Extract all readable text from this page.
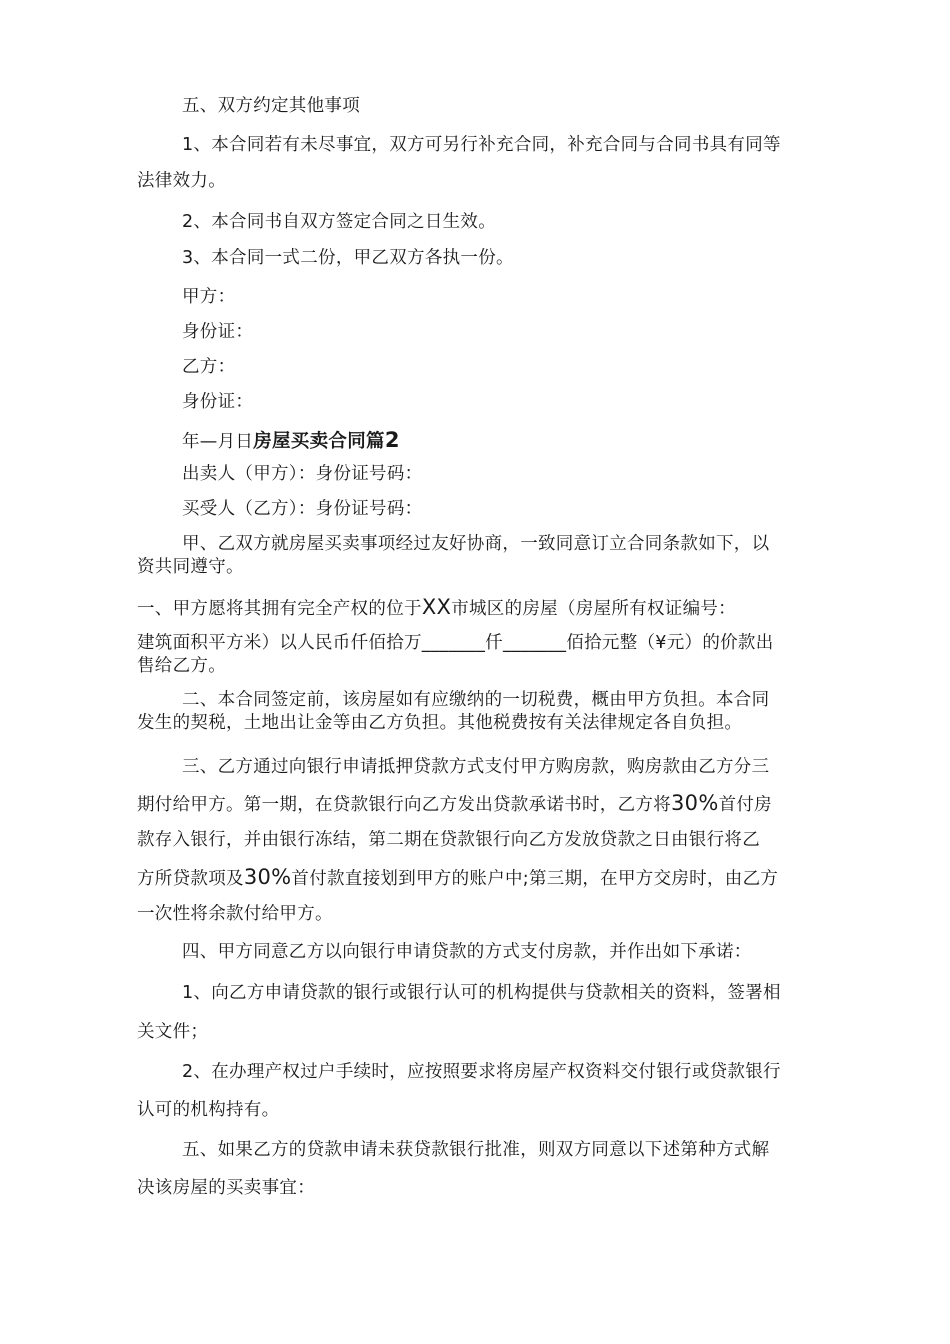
五、双方约定其他事项
1、本合同若有未尽事宜，双方可另行补充合同，补充合同与合同书具有同等
法律效力。
2、本合同书自双方签定合同之日生效。
3、本合同一式二份，甲乙双方各执一份。
甲方：
身份证：
乙方：
身份证：
年—月日房屋买卖合同篇2
出卖人（甲方）：身份证号码：
买受人（乙方）：身份证号码：
甲、乙双方就房屋买卖事项经过友好协商，一致同意订立合同条款如下，以
资共同遵守。
一、甲方愿将其拥有完全产权的位于XX市城区的房屋（房屋所有权证编号：
建筑面积平方米）以人民币仟佰拾万_______仟_______佰拾元整（¥元）的价款出
售给乙方。
二、本合同签定前，该房屋如有应缴纳的一切税费，概由甲方负担。本合同
发生的契税，土地出让金等由乙方负担。其他税费按有关法律规定各自负担。
三、乙方通过向银行申请抵押贷款方式支付甲方购房款，购房款由乙方分三
期付给甲方。第一期，在贷款银行向乙方发出贷款承诺书时，乙方将30%首付房
款存入银行，并由银行冻结，第二期在贷款银行向乙方发放贷款之日由银行将乙
方所贷款项及30%首付款直接划到甲方的账户中;第三期，在甲方交房时，由乙方
一次性将余款付给甲方。
四、甲方同意乙方以向银行申请贷款的方式支付房款，并作出如下承诺：
1、向乙方申请贷款的银行或银行认可的机构提供与贷款相关的资料，签署相
关文件；
2、在办理产权过户手续时，应按照要求将房屋产权资料交付银行或贷款银行
认可的机构持有。
五、如果乙方的贷款申请未获贷款银行批准，则双方同意以下述第种方式解
决该房屋的买卖事宜：
